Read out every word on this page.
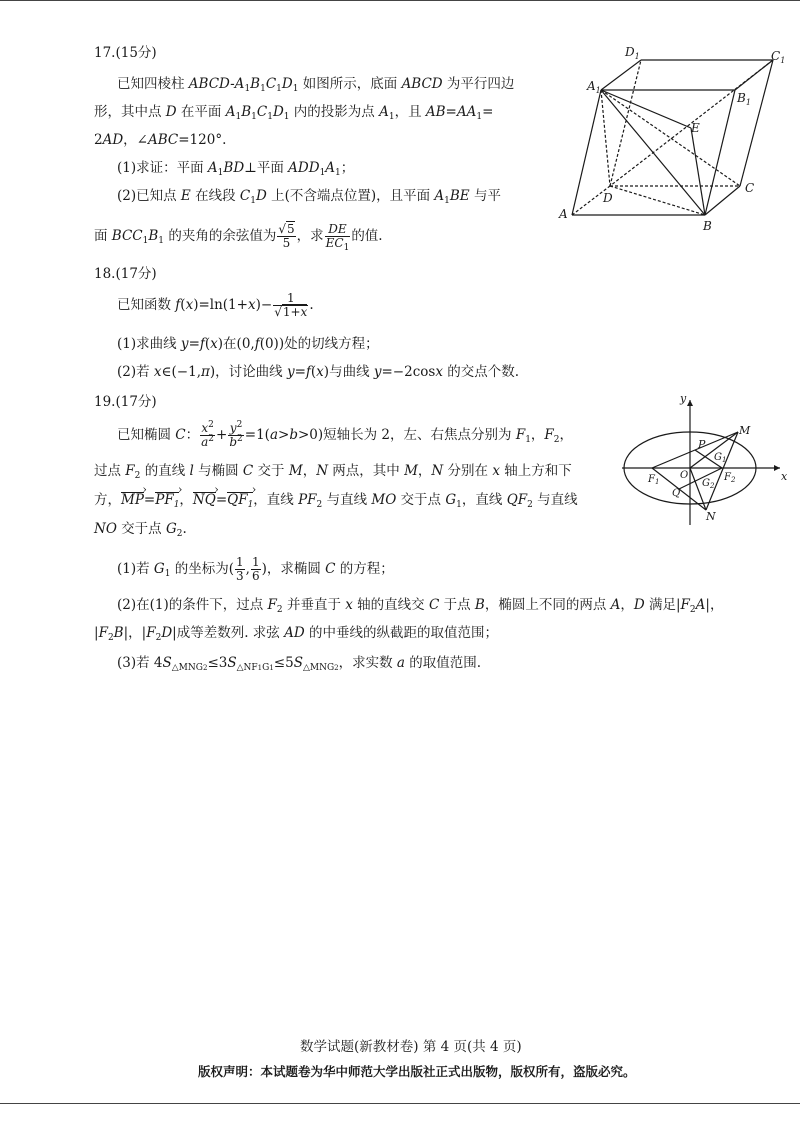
17.(15分)
已知四棱柱 ABCD-$A_1B_1C_1D_1$ 如图所示，底面 ABCD 为平行四边
形，其中点 D 在平面 $A_1B_1C_1D_1$ 内的投影为点 $A_1$，且 $AB=AA_1=$
2AD，∠ABC=120°.
(1)求证：平面 $A_1BD\perp$平面 $ADD_1A_1$；
(2)已知点 E 在线段 $C_1D$ 上(不含端点位置)，且平面 $A_1BE$ 与平
面 $BCC_1B_1$ 的夹角的余弦值为 $\frac{√5}{5}$ ，求 $\frac{DE}{EC_1}$ 的值.
$D_1$	$C_1$
$A_1$
$B_1$
E
D
C
A
B
18.(17分)
已知函数 $f(x)=\ln(1+x)- \frac{1}{√1+x}$ .
(1)求曲线 y=f(x)在(0,f(0))处的切线方程；
(2)若 x∈(−1,π)，讨论曲线 y=f(x)与曲线 y=−2cosx 的交点个数.
19.(17分)
已知椭圆 C： $\frac{x^2}{a^2} + \frac{y^2}{b^2} =1(a>b>0)$短轴长为 2，左、右焦点分别为 $F_1$，$F_2$，
过点 $F_2$ 的直线 l 与椭圆 C 交于 M，N 两点，其中 M，N 分别在 x 轴上方和下
方，MP $›=PF_1$ ›，NQ $›=QF_1$ ›，直线 $PF_2$ 与直线 MO 交于点 $G_1$，直线 $QF_2$ 与直线
NO 交于点 $G_2$.
(1)若 $G_1$ 的坐标为( $\frac{1}{3}$ , $\frac{1}{6}$ )，求椭圆 C 的方程；
(2)在(1)的条件下，过点 $F_2$ 并垂直于 x 轴的直线交 C 于点 B，椭圆上不同的两点 A，D 满足$|F_2A|$，
$|F_2B|$，$|F_2D|$成等差数列. 求弦 AD 的中垂线的纵截距的取值范围；
(3)若 $4S_{\triangle MNG2}\le 3S_{\triangle NF1G1}\le 5S_{\triangle MNG2}$，求实数 a 的取值范围.
y
x
M
P
$G_1$
$F_1$
O	$F_2$
$G_2$
Q
N
数学试题(新教材卷) 第 4 页(共 4 页)
版权声明：本试题卷为华中师范大学出版社正式出版物，版权所有，盗版必究。
